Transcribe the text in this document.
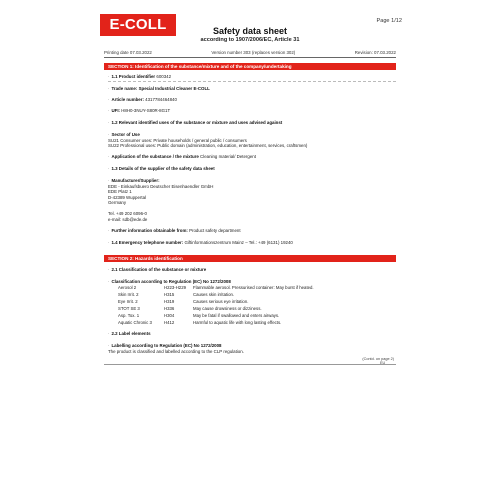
E-COLL	Page 1/12
Safety data sheet
according to 1907/2006/EC, Article 31
Printing date 07.03.2022	Version number 303 (replaces version 302)	Revision: 07.03.2022
SECTION 1: Identification of the substance/mixture and of the company/undertaking
· 1.1 Product identifier 600342
· Trade name: Special Industrial Cleaner E-COLL
· Article number: 4317784464840
· UFI: H8H0-3NUY-S80R-8G1T
· 1.2 Relevant identified uses of the substance or mixture and uses advised against
· Sector of Use
SU21 Consumer uses: Private households / general public / consumers
SU22 Professional uses: Public domain (administration, education, entertainment, services, craftsmen)
· Application of the substance / the mixture Cleaning material/ Detergent
· 1.3 Details of the supplier of the safety data sheet
· Manufacturer/Supplier:
EDE - Einkaufsbuero Deutscher Eisenhaendler GmbH
EDE Platz 1
D-42389 Wuppertal
Germany
Tel. +49 202 6096-0
e-mail: sdb@ede.de
· Further information obtainable from: Product safety department
· 1.4 Emergency telephone number: Giftinformationszentrum Mainz – Tel.: +49 (6131) 19240
SECTION 2: Hazards identification
· 2.1 Classification of the substance or mixture
· Classification according to Regulation (EC) No 1272/2008
Aerosol 2	H223-H229 Flammable aerosol. Pressurised container: May burst if heated.
Skin Irrit. 2	H315	Causes skin irritation.
Eye Irrit. 2	H319	Causes serious eye irritation.
STOT SE 3	H336	May cause drowsiness or dizziness.
Asp. Tox. 1	H304	May be fatal if swallowed and enters airways.
Aquatic Chronic 3	H412	Harmful to aquatic life with long lasting effects.
· 2.2 Label elements
· Labelling according to Regulation (EC) No 1272/2008
The product is classified and labelled according to the CLP regulation.
(Contd. on page 2)
EU
